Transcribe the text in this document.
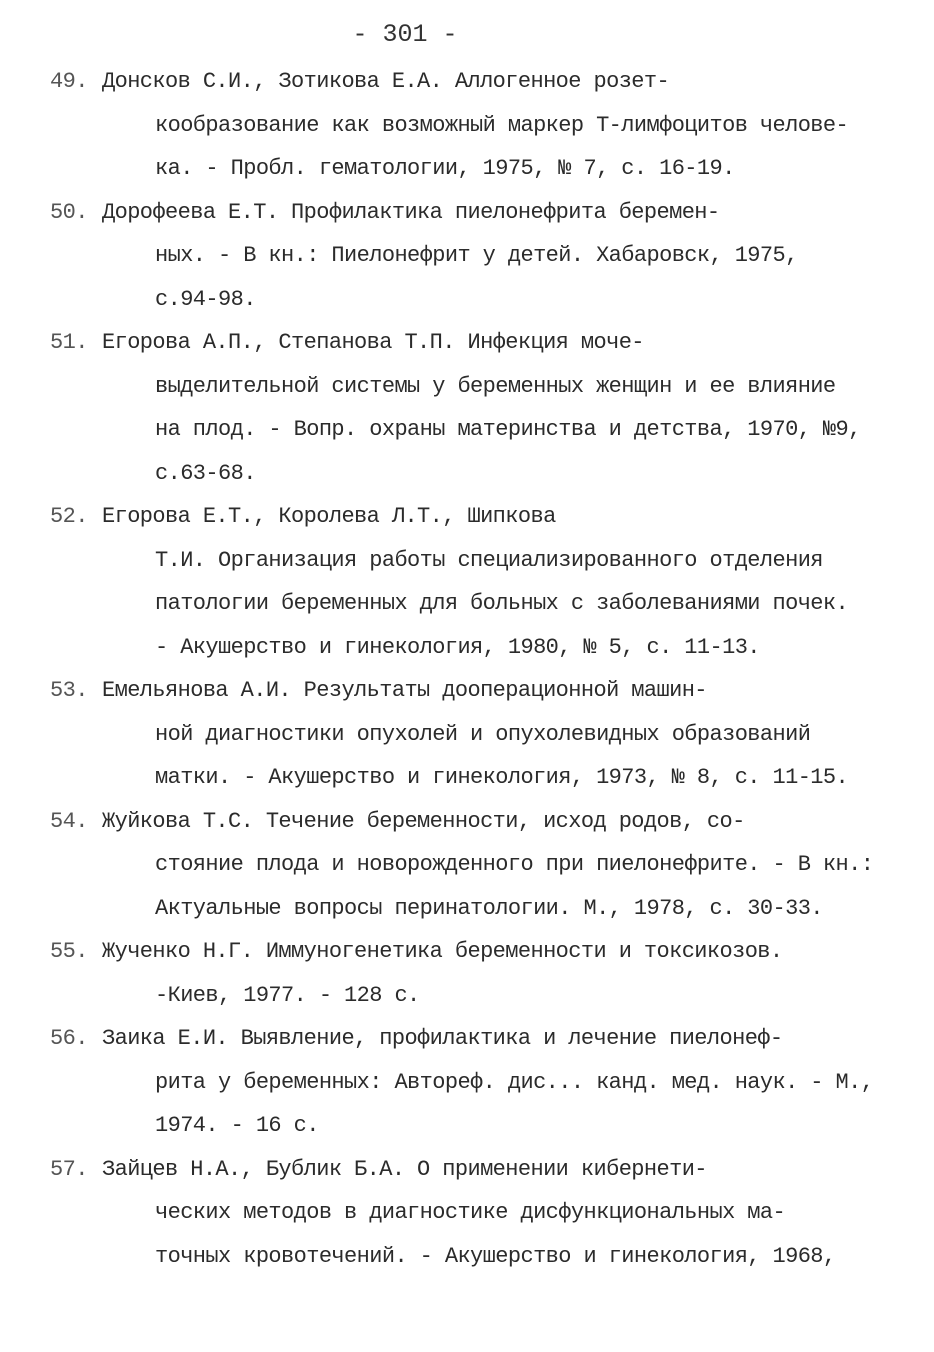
- 301 -
49. Донсков С.И., Зотикова Е.А. Аллогенное розет-
кообразование как возможный маркер Т-лимфоцитов челове-
ка. - Пробл. гематологии, 1975, № 7, с. 16-19.
50. Дорофеева Е.Т. Профилактика пиелонефрита беремен-
ных. - В кн.: Пиелонефрит у детей. Хабаровск, 1975,
с.94-98.
51. Егорова А.П., Степанова Т.П. Инфекция моче-
выделительной системы у беременных женщин и ее влияние
на плод. - Вопр. охраны материнства и детства, 1970, №9,
с.63-68.
52. Егорова Е.Т., Королева Л.Т., Шипкова
Т.И. Организация работы специализированного отделения
патологии беременных для больных с заболеваниями почек.
- Акушерство и гинекология, 1980, № 5, с. 11-13.
53. Емельянова А.И. Результаты дооперационной машин-
ной диагностики опухолей и опухолевидных образований
матки. - Акушерство и гинекология, 1973, № 8, с. 11-15.
54. Жуйкова Т.С. Течение беременности, исход родов, со-
стояние плода и новорожденного при пиелонефрите. - В кн.:
Актуальные вопросы перинатологии. М., 1978, с. 30-33.
55. Жученко Н.Г. Иммуногенетика беременности и токсикозов.
-Киев, 1977. - 128 с.
56. Заика Е.И. Выявление, профилактика и лечение пиелонеф-
рита у беременных: Автореф. дис... канд. мед. наук. - М.,
1974. - 16 с.
57. Зайцев Н.А., Бублик Б.А. О применении кибернети-
ческих методов в диагностике дисфункциональных ма-
точных кровотечений. - Акушерство и гинекология, 1968,
